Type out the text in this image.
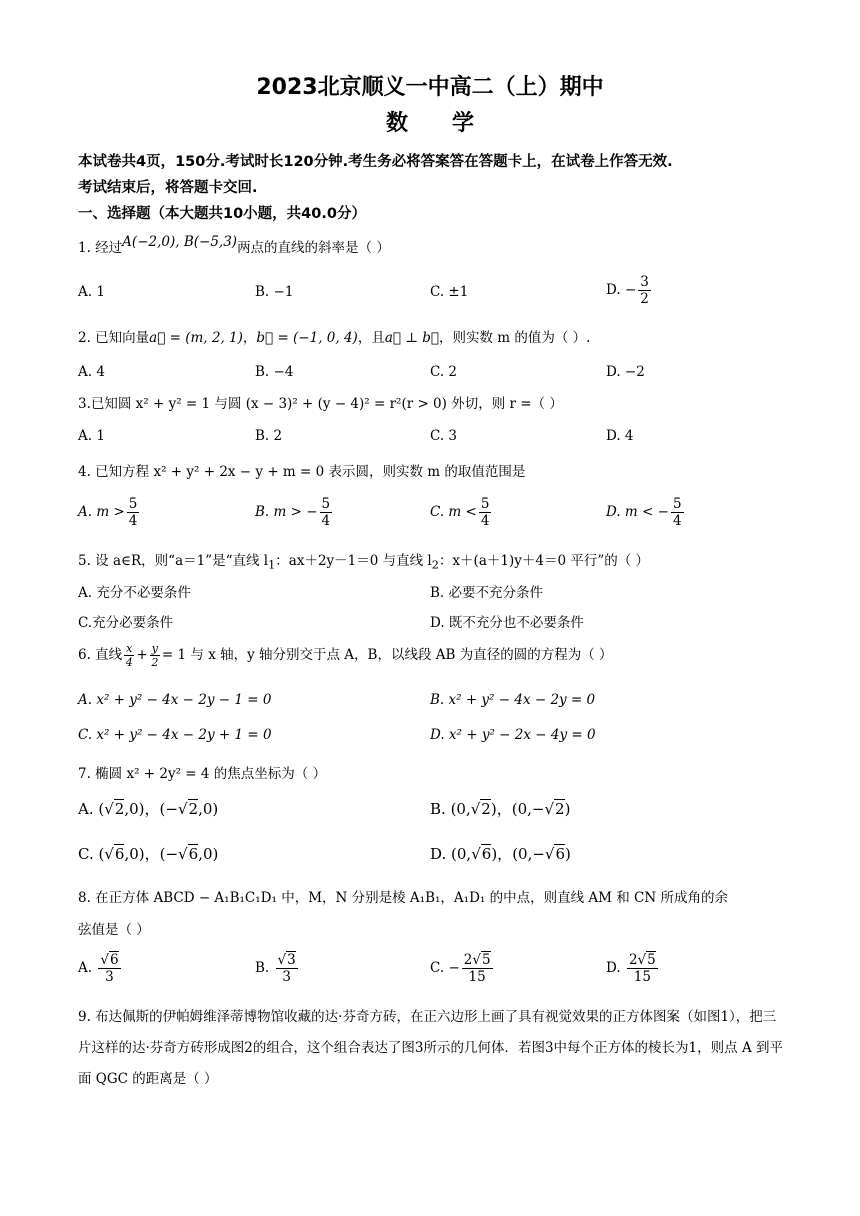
2023北京顺义一中高二（上）期中
数学
本试卷共4页，150分.考试时长120分钟.考生务必将答案答在答题卡上，在试卷上作答无效.
考试结束后，将答题卡交回.
一、选择题（本大题共10小题，共40.0分）
1. 经过A(−2,0), B(−5,3)两点的直线的斜率是（ ）
A. 1	B. −1	C. ±1	D. − $\frac{3}{2}$
2. 已知向量a⃗ = (m, 2, 1)，b⃗ = (−1, 0, 4)，且a⃗ ⊥ b⃗，则实数 m 的值为（ ）.
A. 4	B. −4	C. 2	D. −2
3.已知圆 x² + y² = 1 与圆 (x − 3)² + (y − 4)² = r²(r > 0) 外切，则 r =（ ）
A. 1	B. 2	C. 3	D. 4
4. 已知方程 x² + y² + 2x − y + m = 0 表示圆，则实数 m 的取值范围是
A. $m > \frac{5}{4}$	B. m > − $\frac{5}{4}$	C. $m < \frac{5}{4}$	D. m < − $\frac{5}{4}$
5. 设 a∈R，则“a＝1”是“直线 $l_1$：ax＋2y－1＝0 与直线 $l_2$：x＋(a＋1)y＋4＝0 平行”的（ ）
A. 充分不必要条件	B. 必要不充分条件
C.充分必要条件	D. 既不充分也不必要条件
6. 直线 $\frac{x}{4} + \frac{y}{2} = 1$ 与 x 轴，y 轴分别交于点 A，B，以线段 AB 为直径的圆的方程为（ ）
A. x² + y² − 4x − 2y − 1 = 0	B. x² + y² − 4x − 2y = 0
C. x² + y² − 4x − 2y + 1 = 0	D. x² + y² − 2x − 4y = 0
7. 椭圆 x² + 2y² = 4 的焦点坐标为（ ）
A. ( √ 2,0)，(− √ 2,0)	B. (0, √ 2)，(0,− √ 2)
C. ( √ 6,0)，(− √ 6,0)	D. (0, √ 6)，(0,− √ 6)
8. 在正方体 ABCD − A₁B₁C₁D₁ 中，M，N 分别是棱 A₁B₁，A₁D₁ 的中点，则直线 AM 和 CN 所成角的余
弦值是（ ）
A. √ $\frac{6}{3}$	B. √ $\frac{3}{3}$	C. − $\frac{2 √ 5}{15}$	D. $\frac{2 √ 5}{15}$
9. 布达佩斯的伊帕姆维泽蒂博物馆收藏的达·芬奇方砖，在正六边形上画了具有视觉效果的正方体图案（如图1），把三片这样的达·芬奇方砖形成图2的组合，这个组合表达了图3所示的几何体．若图3中每个正方体的棱长为1，则点 A 到平面 QGC 的距离是（ ）
